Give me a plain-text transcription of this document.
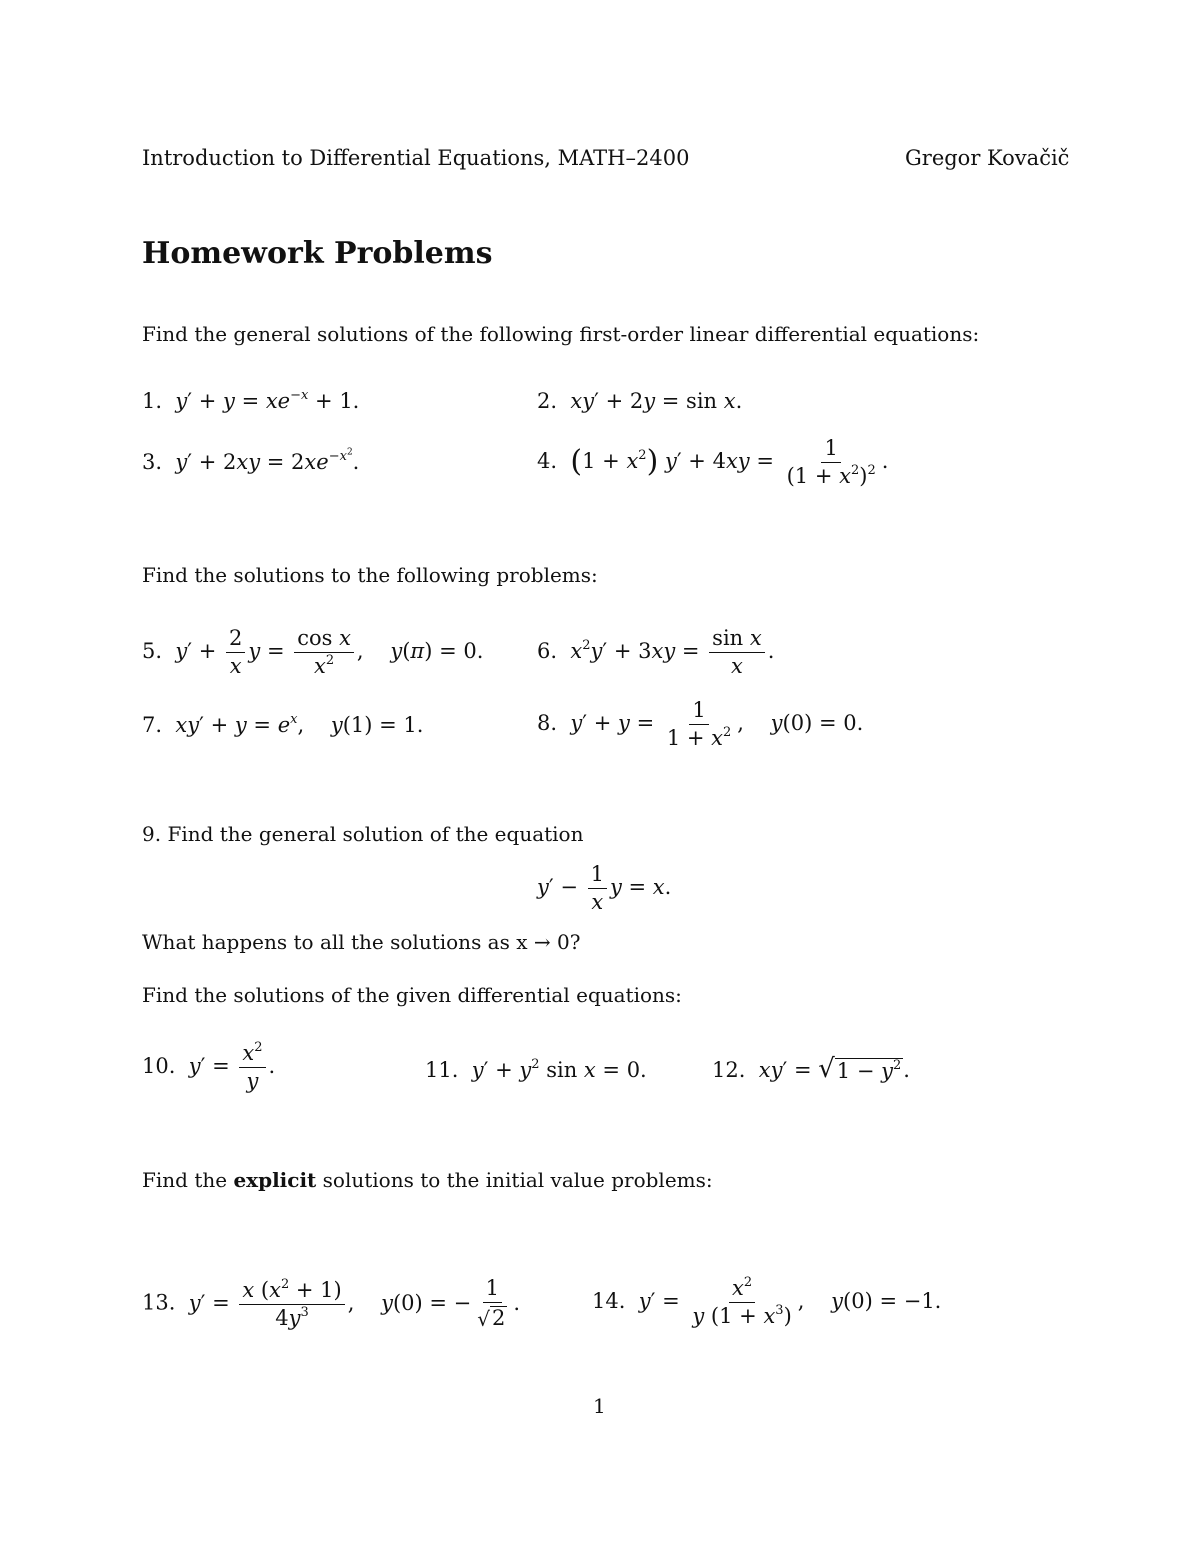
Introduction to Differential Equations, MATH–2400	Gregor Kovačič
Homework Problems
Find the general solutions of the following first-order linear differential equations:
1. $y' + y = xe^{-x} + 1$.	2. xy′ + 2y = sin x.
3. $y' + 2xy = 2xe^{-x^2}$.	4. $(1 + x^2)$ $y' + 4xy = \frac{1}{(1 + x^2)^2}$ .
Find the solutions to the following problems:
5. $y' + \frac{2}{x}$ $y = \frac{\text{cos x}}{x^2}$ ,    y(π) = 0.	6. $x^2y' + 3xy = \frac{\text{sin x}}{x}$ .
7. $xy' + y = e^x$,    y(1) = 1.	8. $y' + y = \frac{1}{1 + x^2}$ ,    y(0) = 0.
9. Find the general solution of the equation
$y' - \frac{1}{x}$ y = x.
What happens to all the solutions as x → 0?
Find the solutions of the given differential equations:
10. $y' = \frac{x^2}{y}$ .	11. $y' + y^2$ sin x = 0.	12. xy′ = √ $1 - y^2$ .
Find the explicit solutions to the initial value problems:
13. $y' = \frac{x (x^2 + 1)}{4y^3}$ ,    y(0) = − $\frac{1}{√ 2}$ .	14. $y' = \frac{x^2}{y (1 + x^3)}$ ,    y(0) = −1.
1
